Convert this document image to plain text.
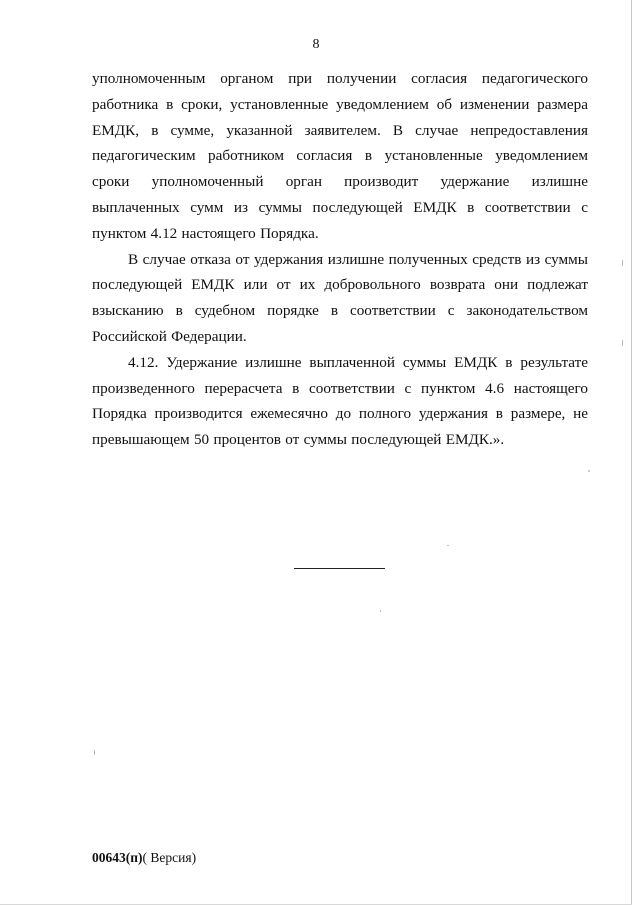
8

уполномоченным органом при получении согласия педагогического работника в сроки, установленные уведомлением об изменении размера ЕМДК, в сумме, указанной заявителем. В случае непредоставления педагогическим работником согласия в установленные уведомлением сроки уполномоченный орган производит удержание излишне выплаченных сумм из суммы последующей ЕМДК в соответствии с пунктом 4.12 настоящего Порядка.

В случае отказа от удержания излишне полученных средств из суммы последующей ЕМДК или от их добровольного возврата они подлежат взысканию в судебном порядке в соответствии с законодательством Российской Федерации.

4.12. Удержание излишне выплаченной суммы ЕМДК в результате произведенного перерасчета в соответствии с пунктом 4.6 настоящего Порядка производится ежемесячно до полного удержания в размере, не превышающем 50 процентов от суммы последующей ЕМДК.».

00643(п)( Версия)
